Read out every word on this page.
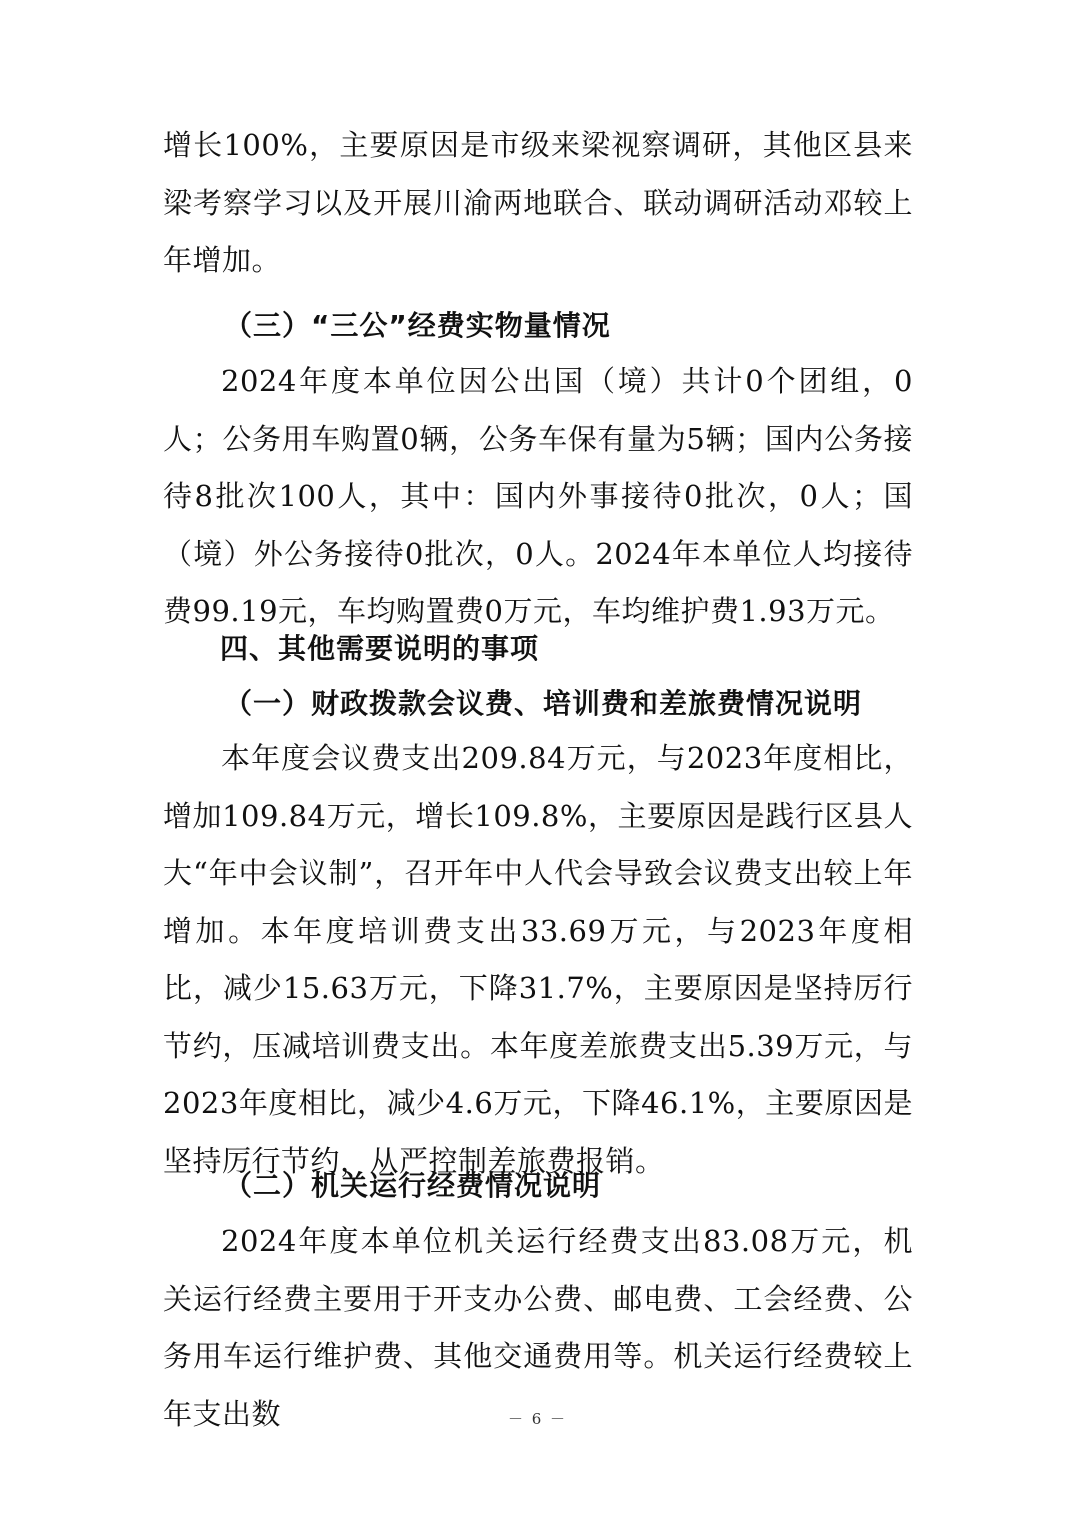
增长100%，主要原因是市级来梁视察调研，其他区县来梁考察学习以及开展川渝两地联合、联动调研活动邓较上年增加。

（三）“三公”经费实物量情况

2024年度本单位因公出国（境）共计0个团组，0人；公务用车购置0辆，公务车保有量为5辆；国内公务接待8批次100人，其中：国内外事接待0批次，0人；国（境）外公务接待0批次，0人。2024年本单位人均接待费99.19元，车均购置费0万元，车均维护费1.93万元。

四、其他需要说明的事项
（一）财政拨款会议费、培训费和差旅费情况说明

本年度会议费支出209.84万元，与2023年度相比，增加109.84万元，增长109.8%，主要原因是践行区县人大“年中会议制”，召开年中人代会导致会议费支出较上年增加。本年度培训费支出33.69万元，与2023年度相比，减少15.63万元，下降31.7%，主要原因是坚持厉行节约，压减培训费支出。本年度差旅费支出5.39万元，与2023年度相比，减少4.6万元，下降46.1%，主要原因是坚持厉行节约，从严控制差旅费报销。

（二）机关运行经费情况说明

2024年度本单位机关运行经费支出83.08万元，机关运行经费主要用于开支办公费、邮电费、工会经费、公务用车运行维护费、其他交通费用等。机关运行经费较上年支出数	－ 6 －
